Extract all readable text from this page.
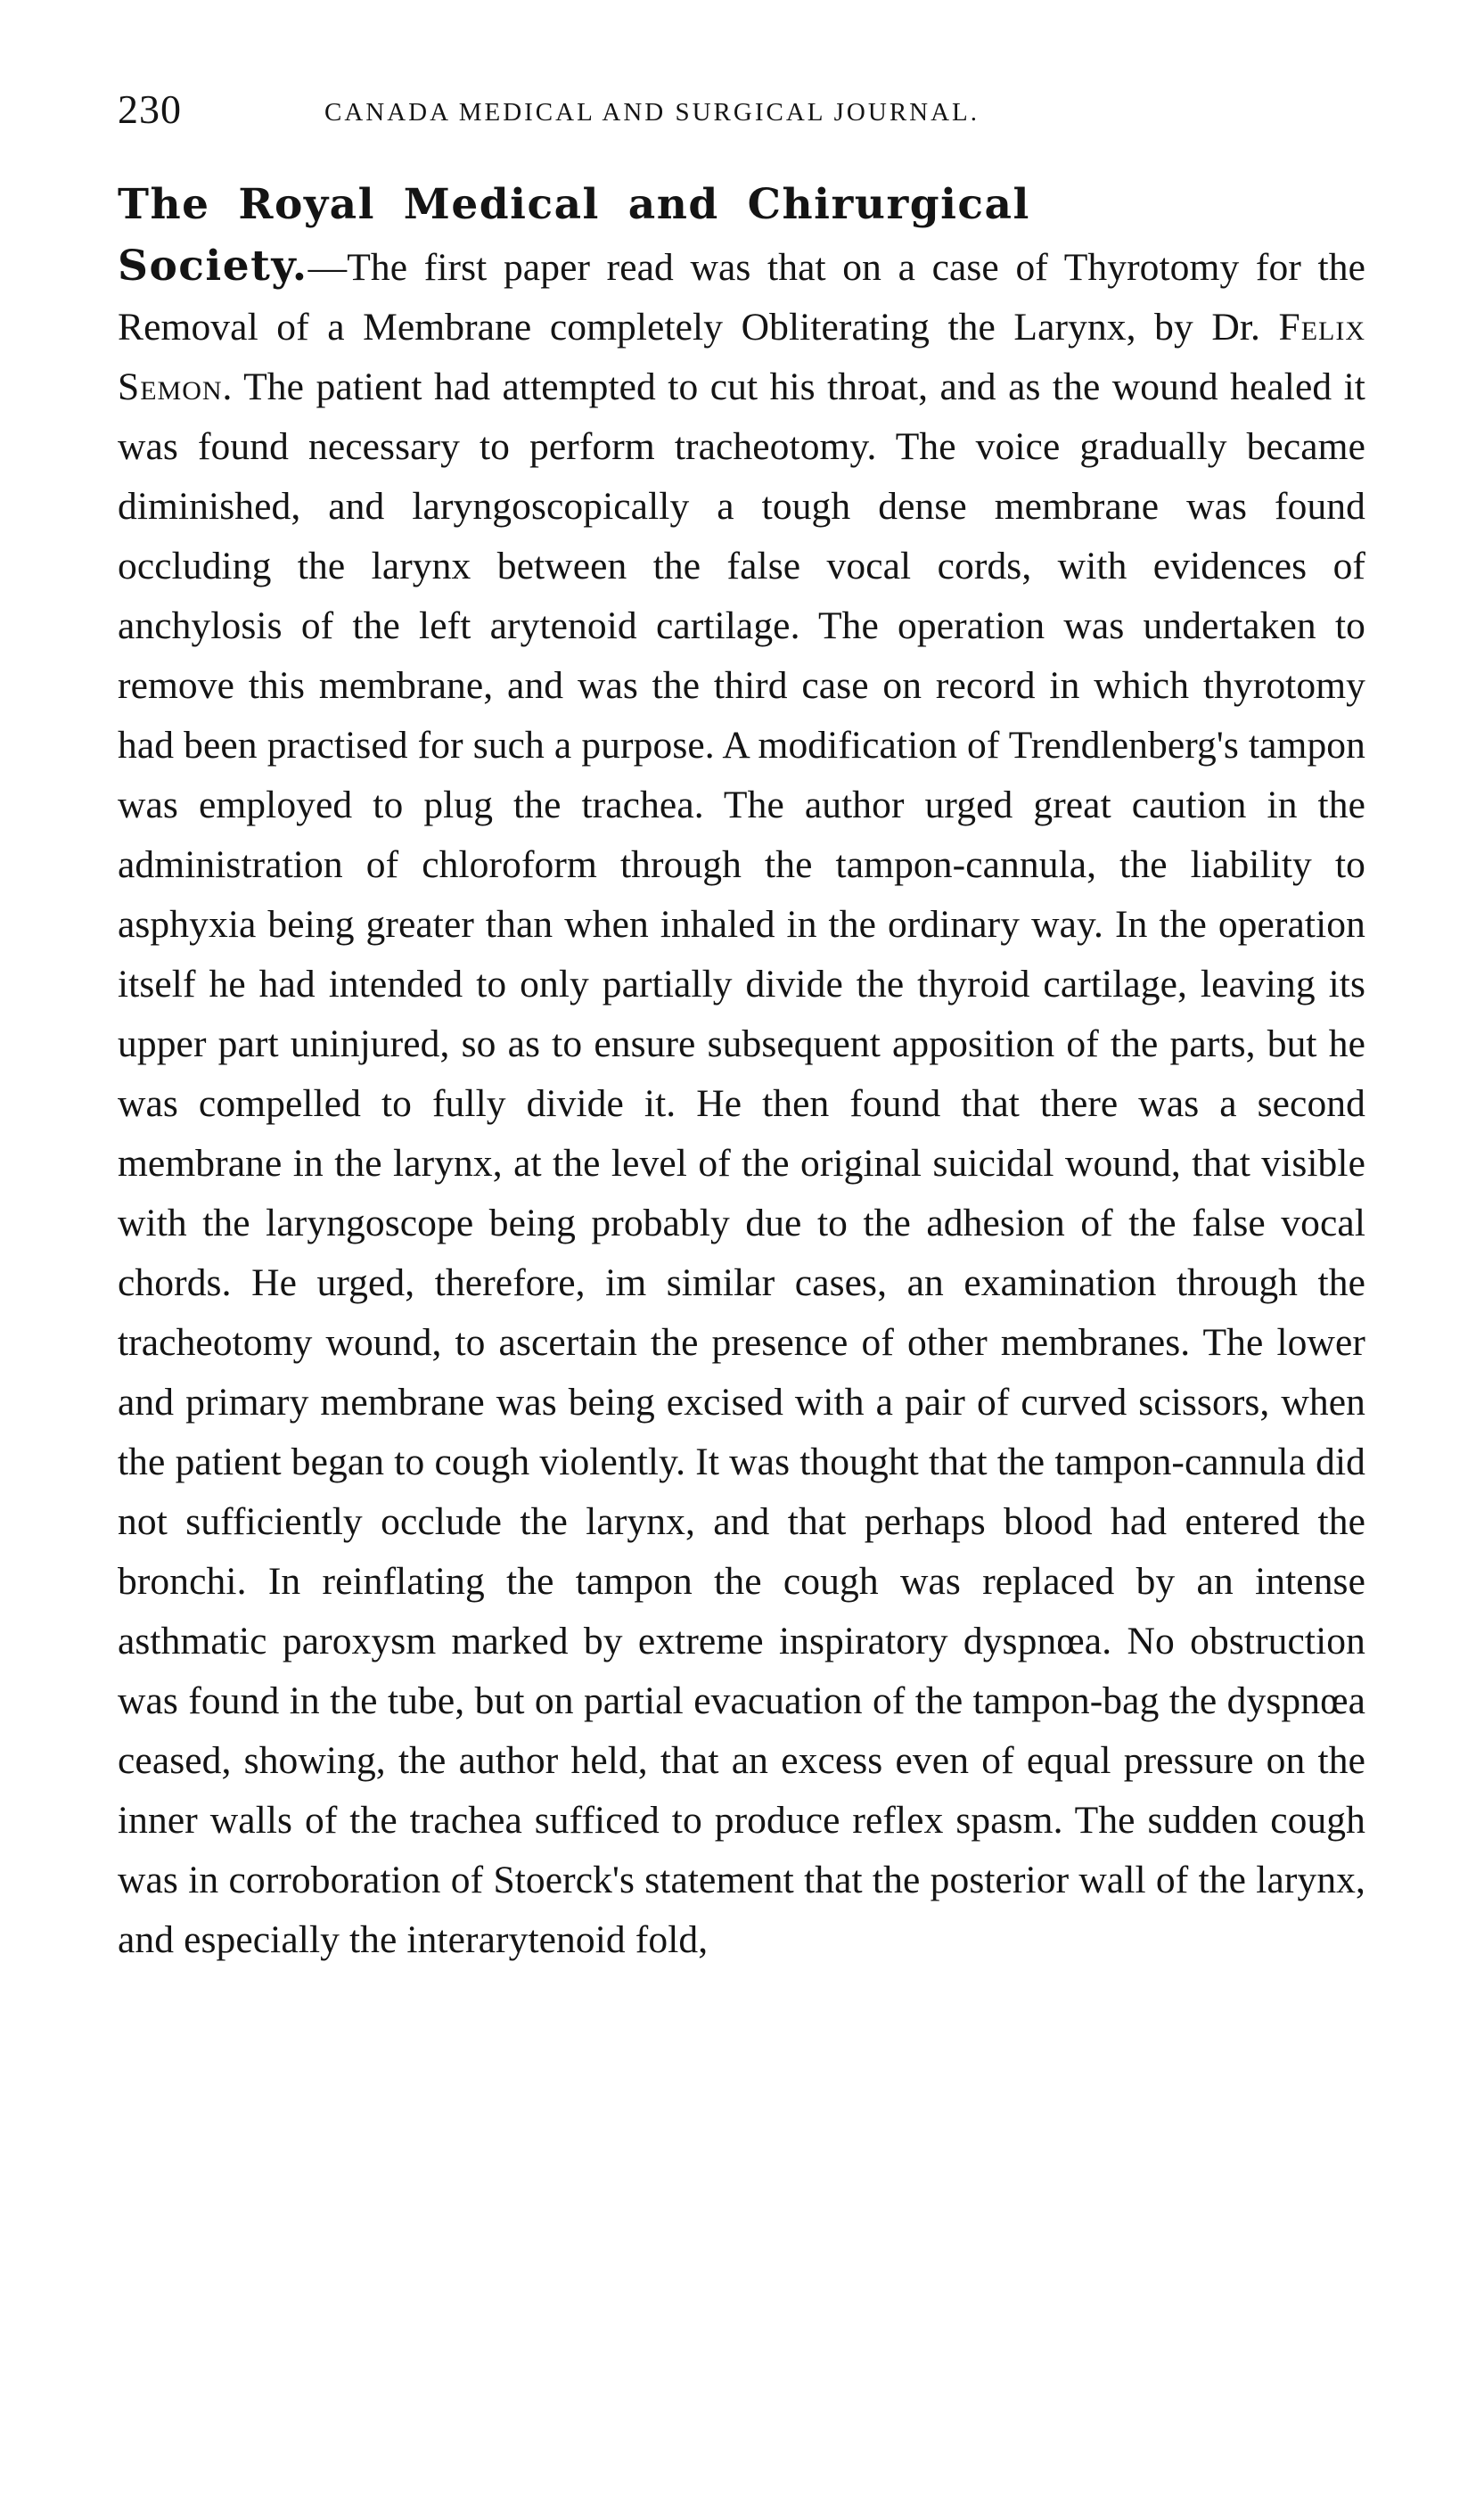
230	CANADA MEDICAL AND SURGICAL JOURNAL.
The Royal Medical and Chirurgical
Society.—The first paper read was that on a case of Thyrotomy for the Removal of a Membrane completely Obliterating the Larynx, by Dr. Felix Semon. The patient had attempted to cut his throat, and as the wound healed it was found necessary to perform tracheotomy. The voice gradually became diminished, and laryngoscopically a tough dense membrane was found occluding the larynx between the false vocal cords, with evidences of anchylosis of the left arytenoid cartilage. The operation was undertaken to remove this membrane, and was the third case on record in which thyrotomy had been practised for such a purpose. A modification of Trendlenberg's tampon was employed to plug the trachea. The author urged great caution in the administration of chloroform through the tampon-cannula, the liability to asphyxia being greater than when inhaled in the ordinary way. In the operation itself he had intended to only partially divide the thyroid cartilage, leaving its upper part uninjured, so as to ensure subsequent apposition of the parts, but he was compelled to fully divide it. He then found that there was a second membrane in the larynx, at the level of the original suicidal wound, that visible with the laryngoscope being probably due to the adhesion of the false vocal chords. He urged, therefore, im similar cases, an examination through the tracheotomy wound, to ascertain the presence of other membranes. The lower and primary membrane was being excised with a pair of curved scissors, when the patient began to cough violently. It was thought that the tampon-cannula did not sufficiently occlude the larynx, and that perhaps blood had entered the bronchi. In reinflating the tampon the cough was replaced by an intense asthmatic paroxysm marked by extreme inspiratory dyspnœa. No obstruction was found in the tube, but on partial evacuation of the tampon-bag the dyspnœa ceased, showing, the author held, that an excess even of equal pressure on the inner walls of the trachea sufficed to produce reflex spasm. The sudden cough was in corroboration of Stoerck's statement that the posterior wall of the larynx, and especially the interarytenoid fold,
